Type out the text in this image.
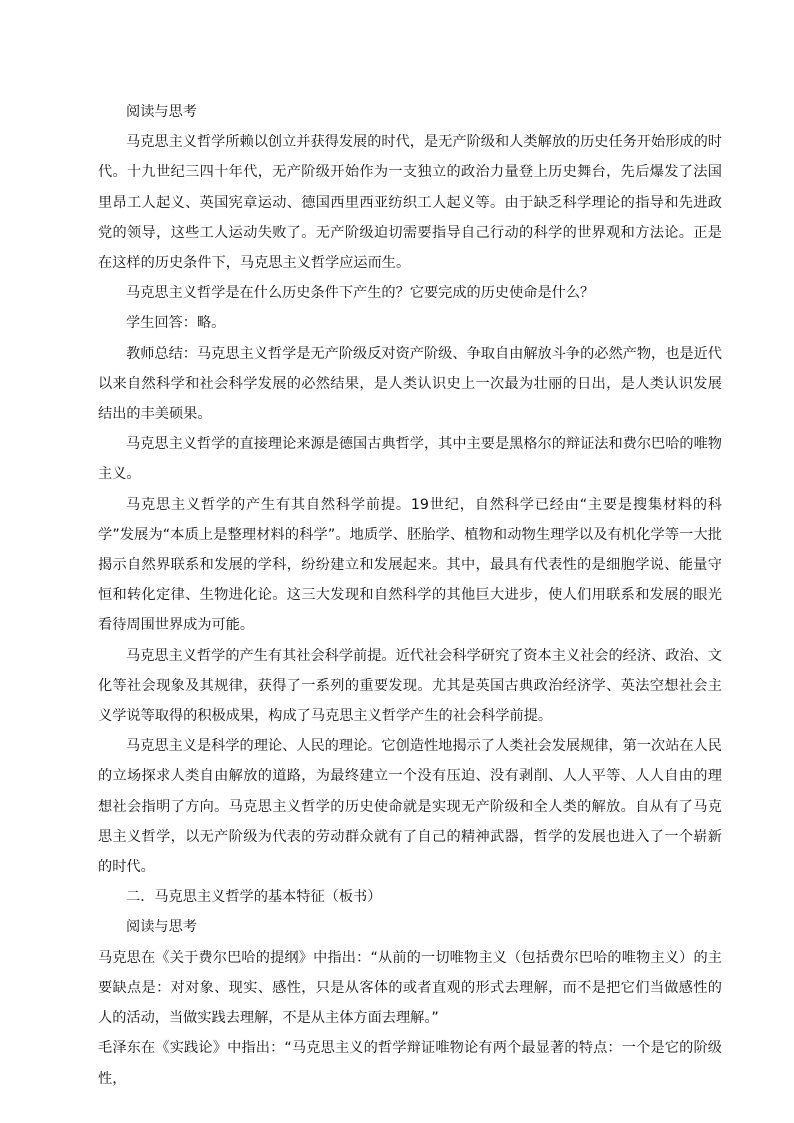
阅读与思考

马克思主义哲学所赖以创立并获得发展的时代，是无产阶级和人类解放的历史任务开始形成的时代。十九世纪三四十年代，无产阶级开始作为一支独立的政治力量登上历史舞台，先后爆发了法国里昂工人起义、英国宪章运动、德国西里西亚纺织工人起义等。由于缺乏科学理论的指导和先进政党的领导，这些工人运动失败了。无产阶级迫切需要指导自己行动的科学的世界观和方法论。正是在这样的历史条件下，马克思主义哲学应运而生。

马克思主义哲学是在什么历史条件下产生的？它要完成的历史使命是什么？

学生回答：略。

教师总结：马克思主义哲学是无产阶级反对资产阶级、争取自由解放斗争的必然产物，也是近代以来自然科学和社会科学发展的必然结果，是人类认识史上一次最为壮丽的日出，是人类认识发展结出的丰美硕果。

马克思主义哲学的直接理论来源是德国古典哲学，其中主要是黑格尔的辩证法和费尔巴哈的唯物主义。

马克思主义哲学的产生有其自然科学前提。19世纪，自然科学已经由“主要是搜集材料的科学”发展为“本质上是整理材料的科学”。地质学、胚胎学、植物和动物生理学以及有机化学等一大批揭示自然界联系和发展的学科，纷纷建立和发展起来。其中，最具有代表性的是细胞学说、能量守恒和转化定律、生物进化论。这三大发现和自然科学的其他巨大进步，使人们用联系和发展的眼光看待周围世界成为可能。

马克思主义哲学的产生有其社会科学前提。近代社会科学研究了资本主义社会的经济、政治、文化等社会现象及其规律，获得了一系列的重要发现。尤其是英国古典政治经济学、英法空想社会主义学说等取得的积极成果，构成了马克思主义哲学产生的社会科学前提。

马克思主义是科学的理论、人民的理论。它创造性地揭示了人类社会发展规律，第一次站在人民的立场探求人类自由解放的道路，为最终建立一个没有压迫、没有剥削、人人平等、人人自由的理想社会指明了方向。马克思主义哲学的历史使命就是实现无产阶级和全人类的解放。自从有了马克思主义哲学，以无产阶级为代表的劳动群众就有了自己的精神武器，哲学的发展也进入了一个崭新的时代。

二．马克思主义哲学的基本特征（板书）

阅读与思考

马克思在《关于费尔巴哈的提纲》中指出：“从前的一切唯物主义（包括费尔巴哈的唯物主义）的主要缺点是：对对象、现实、感性，只是从客体的或者直观的形式去理解，而不是把它们当做感性的人的活动，当做实践去理解，不是从主体方面去理解。”

毛泽东在《实践论》中指出：“马克思主义的哲学辩证唯物论有两个最显著的特点：一个是它的阶级性，
